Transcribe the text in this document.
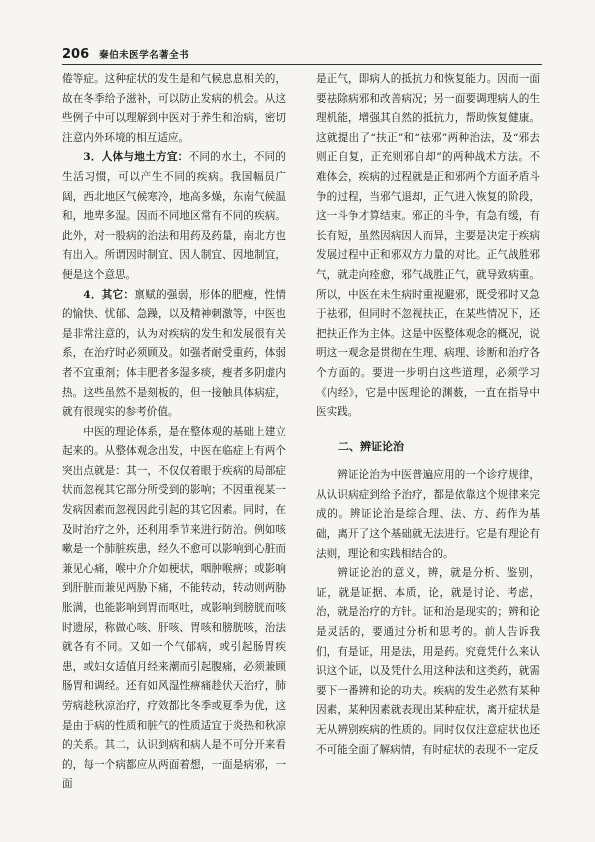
206 秦伯未医学名著全书

倦等症。这种症状的发生是和气候息息相关的，故在冬季给予滋补，可以防止发病的机会。从这些例子中可以理解到中医对于养生和治病，密切注意内外环境的相互适应。

3．人体与地土方宜：不同的水土，不同的生活习惯，可以产生不同的疾病。我国幅员广阔，西北地区气候寒冷，地高多燥，东南气候温和，地卑多湿。因而不同地区常有不同的疾病。此外，对一般病的治法和用药及药量，南北方也有出入。所谓因时制宜、因人制宜、因地制宜，便是这个意思。

4．其它：禀赋的强弱，形体的肥瘦，性情的愉快、忧郁、急躁，以及精神刺激等，中医也是非常注意的，认为对疾病的发生和发展很有关系，在治疗时必须顾及。如强者耐受重药，体弱者不宜重剂；体丰肥者多湿多痰，瘦者多阴虚内热。这些虽然不是刻板的，但一接触具体病症，就有很现实的参考价值。

中医的理论体系，是在整体观的基础上建立起来的。从整体观念出发，中医在临症上有两个突出点就是：其一，不仅仅着眼于疾病的局部症状而忽视其它部分所受到的影响；不因重视某一发病因素而忽视因此引起的其它因素。同时，在及时治疗之外，还利用季节来进行防治。例如咳嗽是一个肺脏疾患，经久不愈可以影响到心脏而兼见心痛，喉中介介如梗状，咽肿喉痹；或影响到肝脏而兼见两胁下痛，不能转动，转动则两胁胀满，也能影响到胃而呕吐，或影响到膀胱而咳时遗尿，称做心咳、肝咳、胃咳和膀胱咳，治法就各有不同。又如一个气郁病，或引起肠胃疾患，或妇女适值月经来潮而引起腹痛，必须兼顾肠胃和调经。还有如风湿性痹痛趁伏天治疗，肺劳病趁秋凉治疗，疗效都比冬季或夏季为优，这是由于病的性质和脏气的性质适宜于炎热和秋凉的关系。其二，认识到病和病人是不可分开来看的，每一个病都应从两面着想，一面是病邪，一面

是正气，即病人的抵抗力和恢复能力。因而一面要祛除病邪和改善病况；另一面要调理病人的生理机能，增强其自然的抵抗力，帮助恢复健康。这就提出了“扶正”和“祛邪”两种治法，及“邪去则正自复，正充则邪自却”的两种战术方法。不难体会，疾病的过程就是正和邪两个方面矛盾斗争的过程，当邪气退却，正气进入恢复的阶段，这一斗争才算结束。邪正的斗争，有急有缓，有长有短，虽然因病因人而异，主要是决定于疾病发展过程中正和邪双方力量的对比。正气战胜邪气，就走向痊愈，邪气战胜正气，就导致病重。所以，中医在未生病时重视避邪，既受邪时又急于祛邪，但同时不忽视扶正，在某些情况下，还把扶正作为主体。这是中医整体观念的概况，说明这一观念是贯彻在生理、病理、诊断和治疗各个方面的。要进一步明白这些道理，必须学习《内经》，它是中医理论的渊薮，一直在指导中医实践。

二、辨证论治

辨证论治为中医普遍应用的一个诊疗规律，从认识病症到给予治疗，都是依靠这个规律来完成的。辨证论治是综合理、法、方、药作为基础，离开了这个基础就无法进行。它是有理论有法则，理论和实践相结合的。

辨证论治的意义，辨，就是分析、鉴别，证，就是证据、本质，论，就是讨论、考虑，治，就是治疗的方针。证和治是现实的；辨和论是灵活的，要通过分析和思考的。前人告诉我们，有是证，用是法，用是药。究竟凭什么来认识这个证，以及凭什么用这种法和这类药，就需要下一番辨和论的功夫。疾病的发生必然有某种因素，某种因素就表现出某种症状，离开症状是无从辨别疾病的性质的。同时仅仅注意症状也还不可能全面了解病情，有时症状的表现不一定反
